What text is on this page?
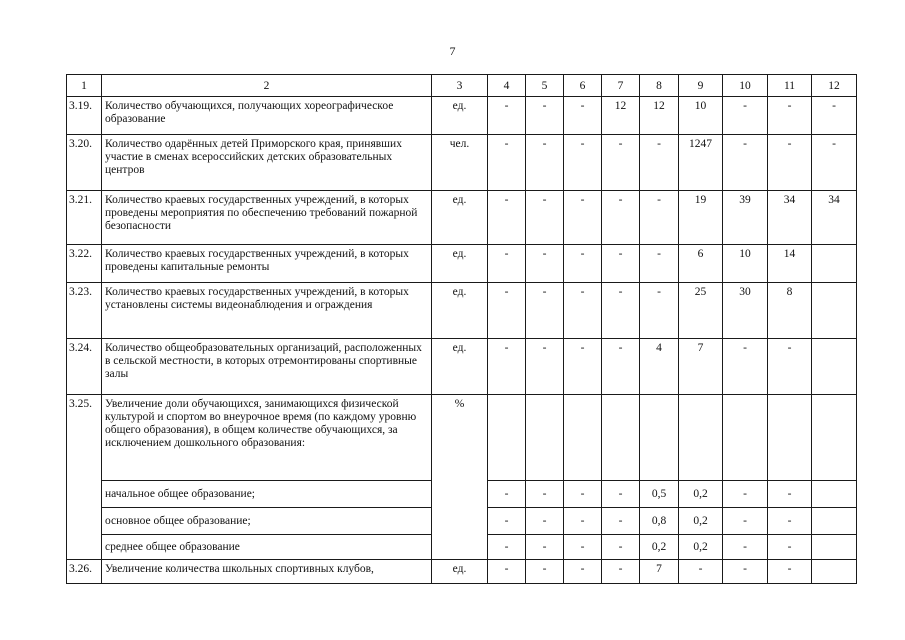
7
1	2	3	4	5	6	7	8	9	10	11	12
3.19.	Количество обучающихся, получающих хореографическое образование	ед.	-	-	-	12	12	10	-	-	-
3.20.	Количество одарённых детей Приморского края, принявших участие в сменах всероссийских детских образовательных центров	чел.	-	-	-	-	-	1247	-	-	-
3.21.	Количество краевых государственных учреждений, в которых проведены мероприятия по обеспечению требований пожарной безопасности	ед.	-	-	-	-	-	19	39	34	34
3.22.	Количество краевых государственных учреждений, в которых проведены капитальные ремонты	ед.	-	-	-	-	-	6	10	14	
3.23.	Количество краевых государственных учреждений, в которых установлены системы видеонаблюдения и ограждения	ед.	-	-	-	-	-	25	30	8	
3.24.	Количество общеобразовательных организаций, расположенных в сельской местности, в которых отремонтированы спортивные залы	ед.	-	-	-	-	4	7	-	-	
3.25.	Увеличение доли обучающихся, занимающихся физической культурой и спортом во внеурочное время (по каждому уровню общего образования), в общем количестве обучающихся, за исключением дошкольного образования:	%									
	начальное общее образование;		-	-	-	-	0,5	0,2	-	-	
	основное общее образование;		-	-	-	-	0,8	0,2	-	-	
	среднее общее образование		-	-	-	-	0,2	0,2	-	-	
3.26.	Увеличение количества школьных спортивных клубов,	ед.	-	-	-	-	7	-	-	-	
